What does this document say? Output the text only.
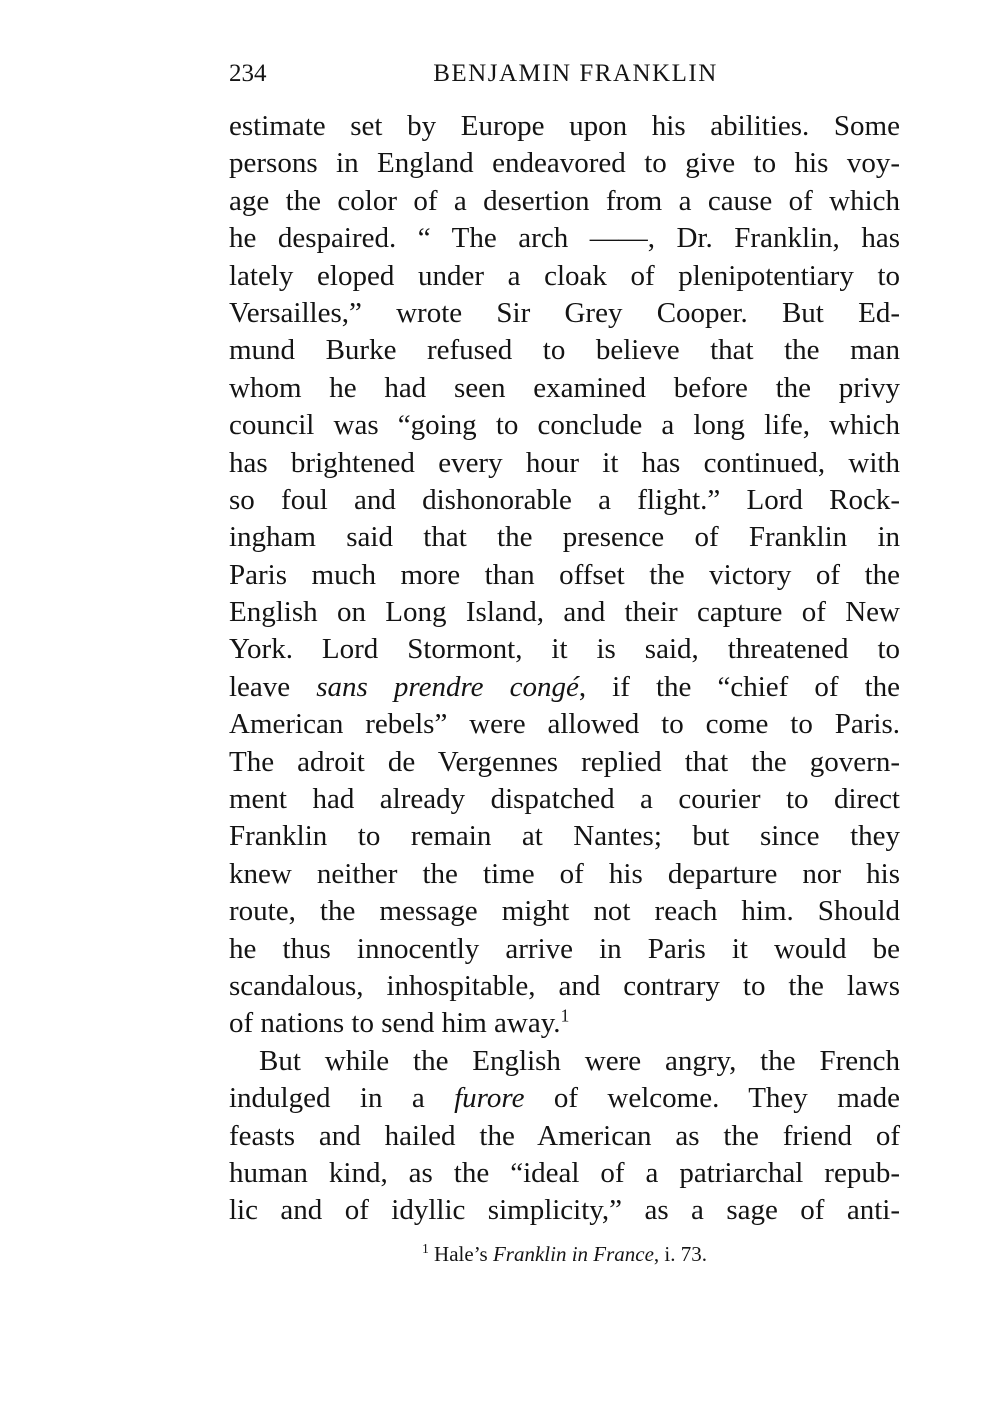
234	BENJAMIN FRANKLIN
estimate set by Europe upon his abilities. Some
persons in England endeavored to give to his voy-
age the color of a desertion from a cause of which
he despaired. “ The arch ——, Dr. Franklin, has
lately eloped under a cloak of plenipotentiary to
Versailles,” wrote Sir Grey Cooper. But Ed-
mund Burke refused to believe that the man
whom he had seen examined before the privy
council was “going to conclude a long life, which
has brightened every hour it has continued, with
so foul and dishonorable a flight.” Lord Rock-
ingham said that the presence of Franklin in
Paris much more than offset the victory of the
English on Long Island, and their capture of New
York. Lord Stormont, it is said, threatened to
leave sans prendre congé, if the “chief of the
American rebels” were allowed to come to Paris.
The adroit de Vergennes replied that the govern-
ment had already dispatched a courier to direct
Franklin to remain at Nantes; but since they
knew neither the time of his departure nor his
route, the message might not reach him. Should
he thus innocently arrive in Paris it would be
scandalous, inhospitable, and contrary to the laws
of nations to send him away.$^1$
But while the English were angry, the French
indulged in a furore of welcome. They made
feasts and hailed the American as the friend of
human kind, as the “ideal of a patriarchal repub-
lic and of idyllic simplicity,” as a sage of anti-
$^1$ Hale’s Franklin in France, i. 73.
